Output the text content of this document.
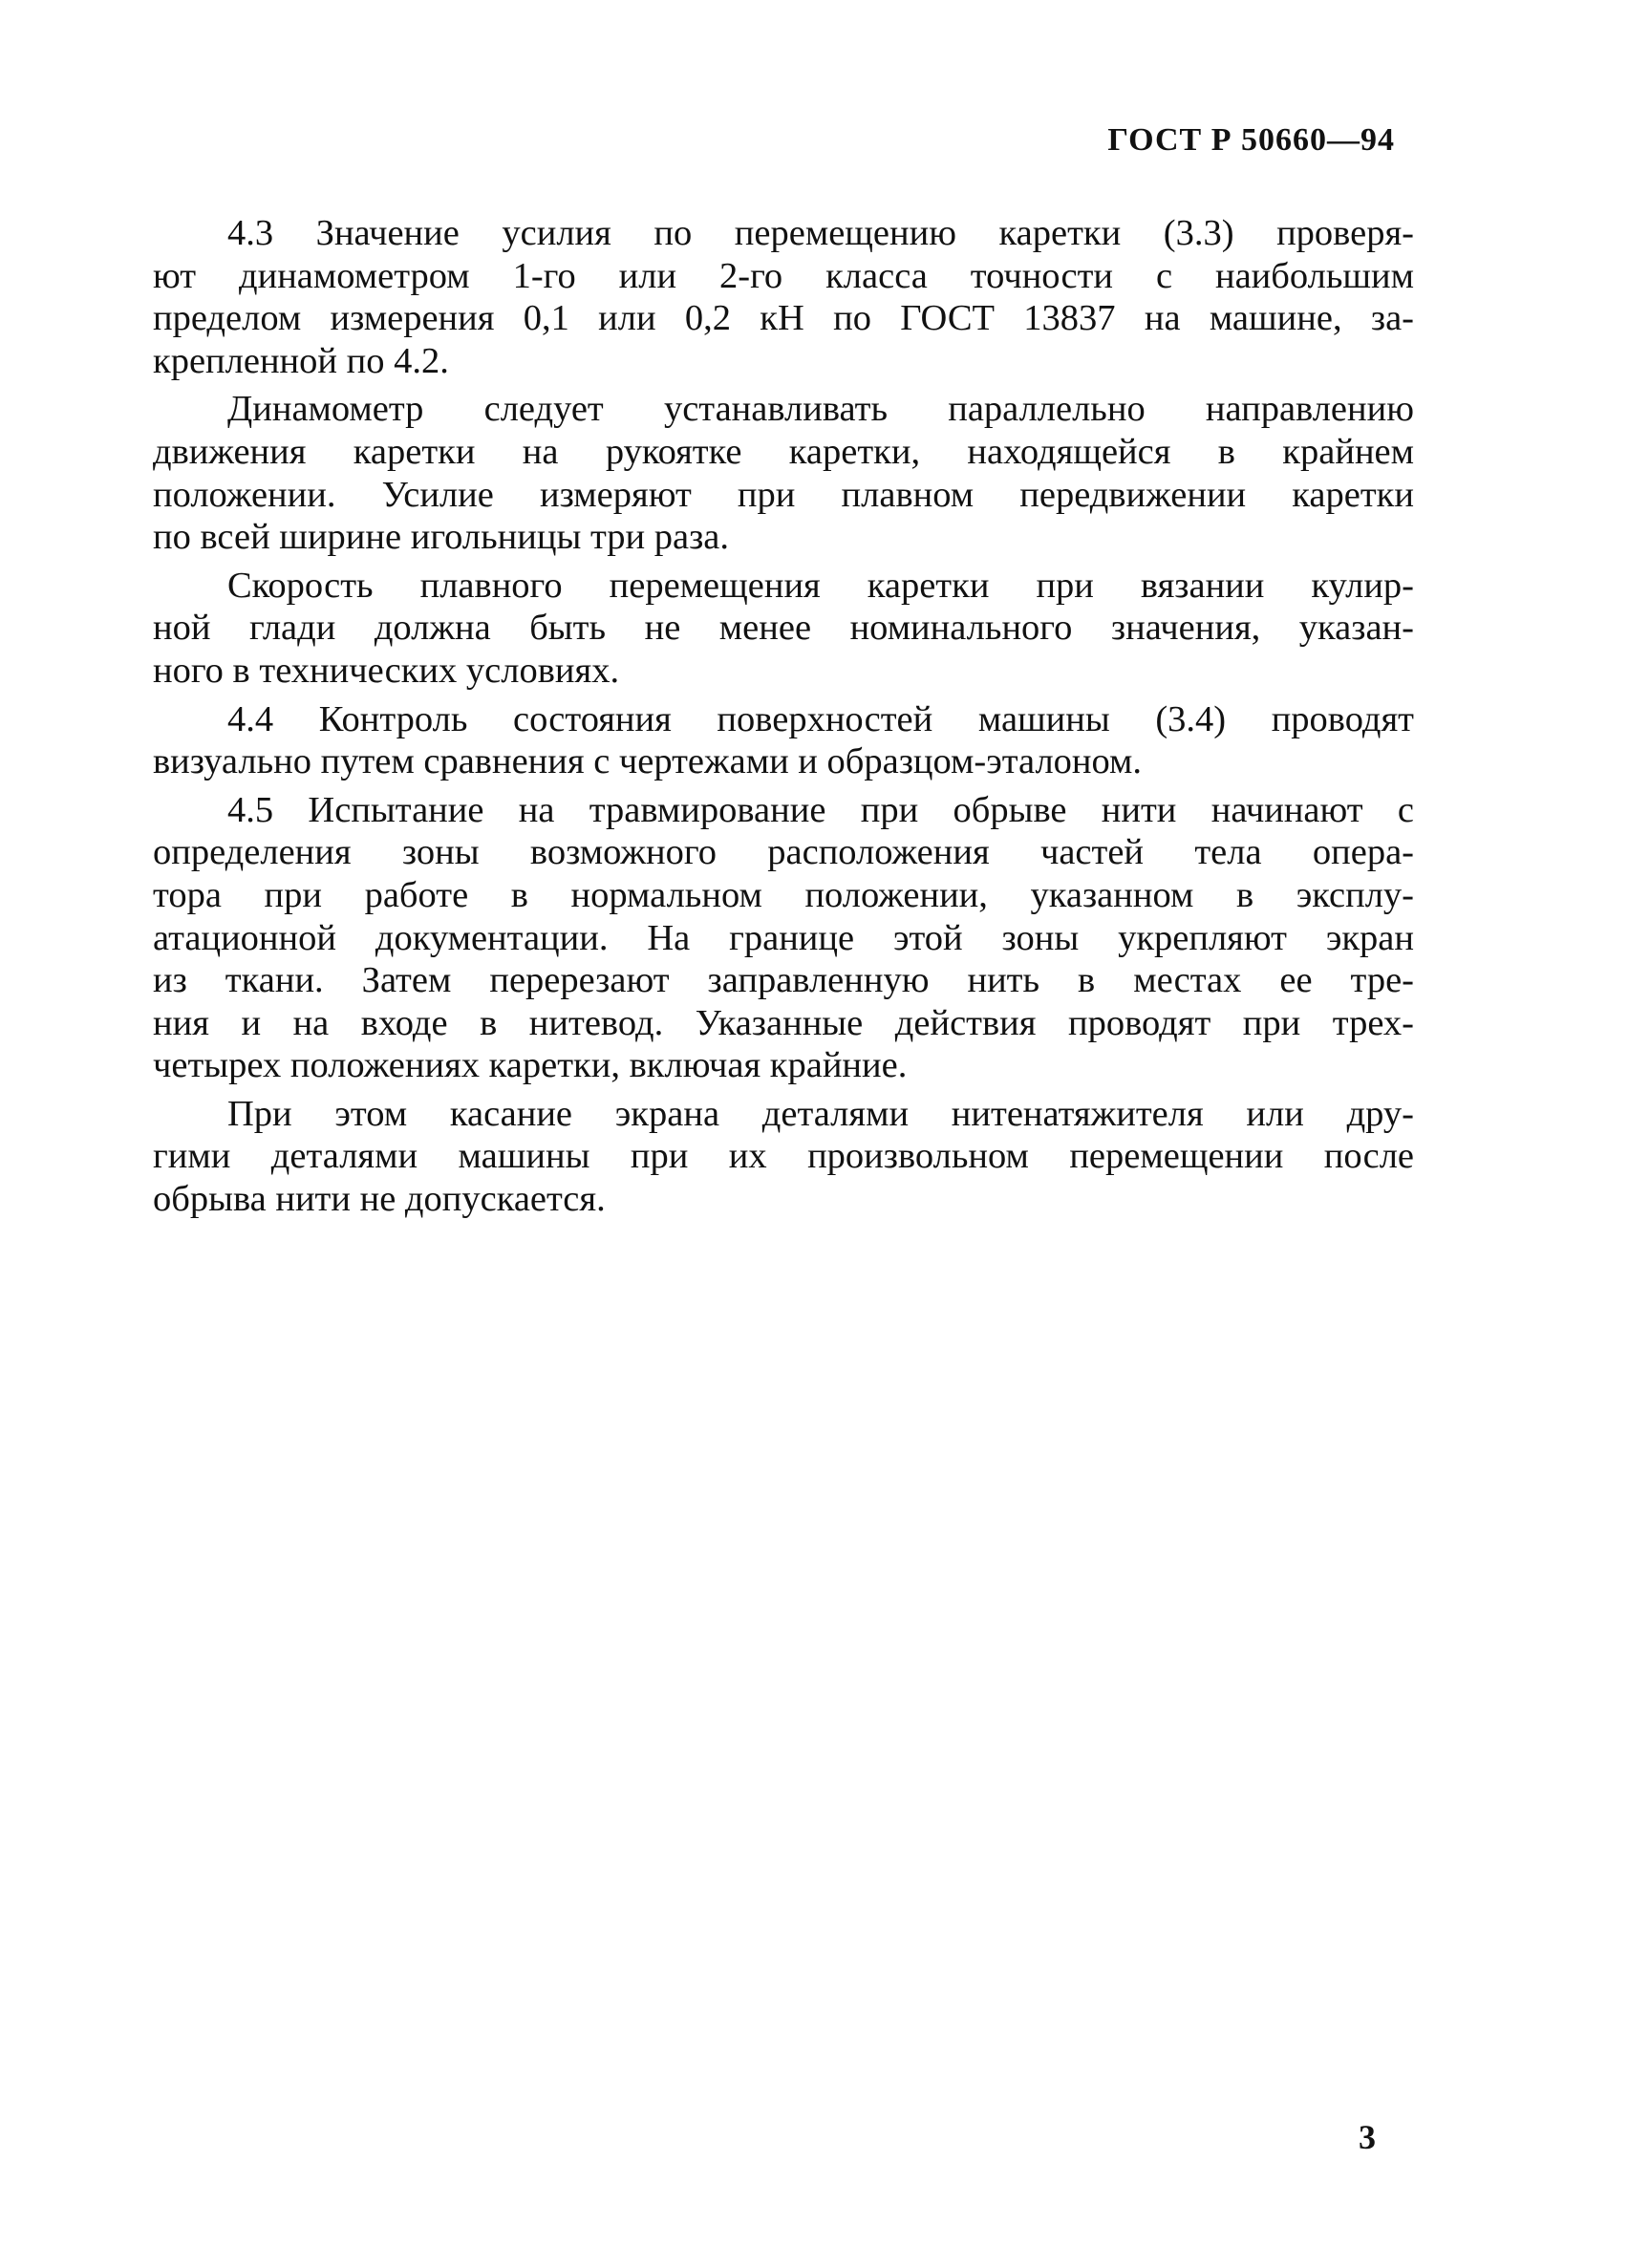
ГОСТ Р 50660—94

4.3 Значение усилия по перемещению каретки (3.3) проверя-
ют динамометром 1-го или 2-го класса точности с наибольшим
пределом измерения 0,1 или 0,2 кН по ГОСТ 13837 на машине, за-
крепленной по 4.2.

Динамометр следует устанавливать параллельно направлению
движения каретки на рукоятке каретки, находящейся в крайнем
положении. Усилие измеряют при плавном передвижении каретки
по всей ширине игольницы три раза.

Скорость плавного перемещения каретки при вязании кулир-
ной глади должна быть не менее номинального значения, указан-
ного в технических условиях.

4.4 Контроль состояния поверхностей машины (3.4) проводят
визуально путем сравнения с чертежами и образцом-эталоном.

4.5 Испытание на травмирование при обрыве нити начинают с
определения зоны возможного расположения частей тела опера-
тора при работе в нормальном положении, указанном в эксплу-
атационной документации. На границе этой зоны укрепляют экран
из ткани. Затем перерезают заправленную нить в местах ее тре-
ния и на входе в нитевод. Указанные действия проводят при трех-
четырех положениях каретки, включая крайние.

При этом касание экрана деталями нитенатяжителя или дру-
гими деталями машины при их произвольном перемещении после
обрыва нити не допускается.

3
